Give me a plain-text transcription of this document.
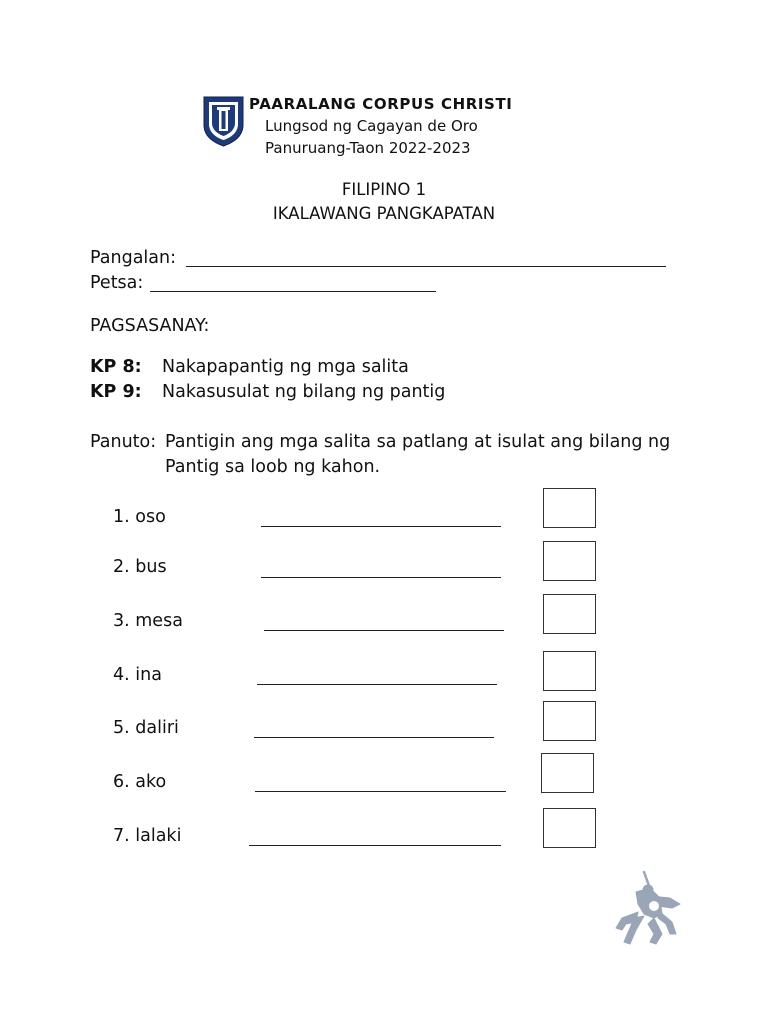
PAARALANG CORPUS CHRISTI
Lungsod ng Cagayan de Oro
Panuruang-Taon 2022-2023
FILIPINO 1
IKALAWANG PANGKAPATAN
Pangalan:
Petsa:
PAGSASANAY:
KP 8: Nakapapantig ng mga salita
KP 9: Nakasusulat ng bilang ng pantig
Panuto: Pantigin ang mga salita sa patlang at isulat ang bilang ng
Pantig sa loob ng kahon.
1. oso
2. bus
3. mesa
4. ina
5. daliri
6. ako
7. lalaki
